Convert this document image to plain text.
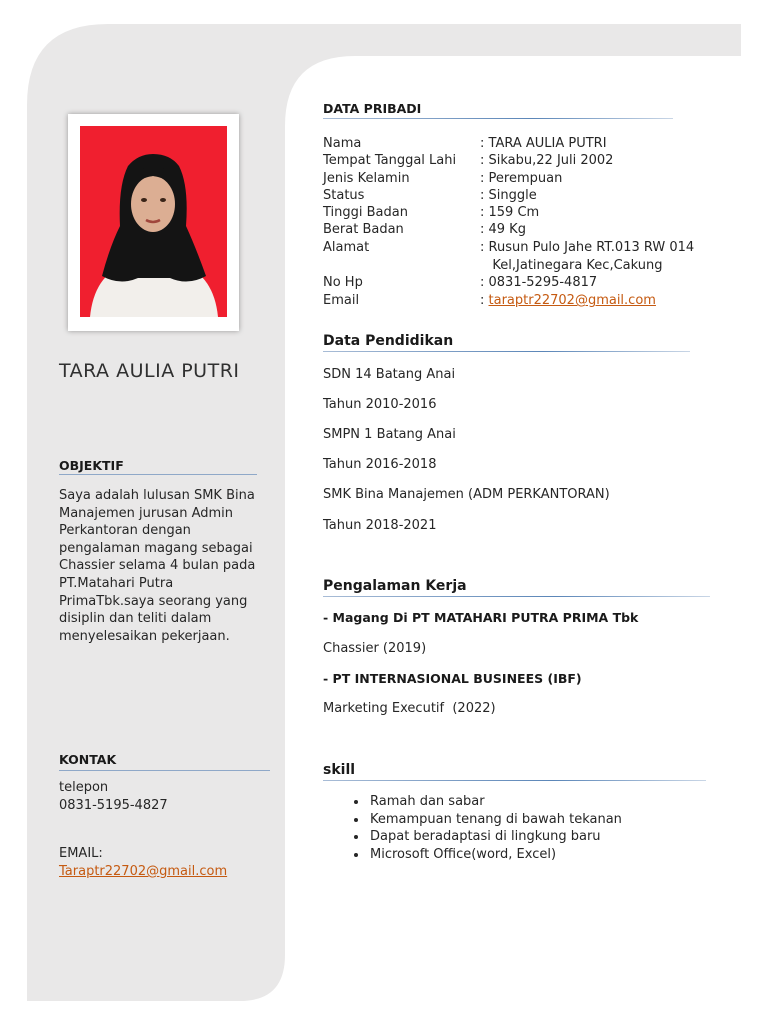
TARA AULIA PUTRI
OBJEKTIF
Saya adalah lulusan SMK Bina
Manajemen jurusan Admin
Perkantoran dengan
pengalaman magang sebagai
Chassier selama 4 bulan pada
PT.Matahari Putra
PrimaTbk.saya seorang yang
disiplin dan teliti dalam
menyelesaikan pekerjaan.
KONTAK
telepon
0831-5195-4827
EMAIL:
Taraptr22702@gmail.com
DATA PRIBADI
Nama	: TARA AULIA PUTRI
Tempat Tanggal Lahi : Sikabu,22 Juli 2002
Jenis Kelamin	: Perempuan
Status	: Singgle
Tinggi Badan	: 159 Cm
Berat Badan	: 49 Kg
Alamat	: Rusun Pulo Jahe RT.013 RW 014
Kel,Jatinegara Kec,Cakung
No Hp	: 0831-5295-4817
Email	: taraptr22702@gmail.com
Data Pendidikan
SDN 14 Batang Anai
Tahun 2010-2016
SMPN 1 Batang Anai
Tahun 2016-2018
SMK Bina Manajemen (ADM PERKANTORAN)
Tahun 2018-2021
Pengalaman Kerja
- Magang Di PT MATAHARI PUTRA PRIMA Tbk
Chassier (2019)
- PT INTERNASIONAL BUSINEES (IBF)
Marketing Executif  (2022)
skill
• Ramah dan sabar
• Kemampuan tenang di bawah tekanan
• Dapat beradaptasi di lingkung baru
• Microsoft Office(word, Excel)
